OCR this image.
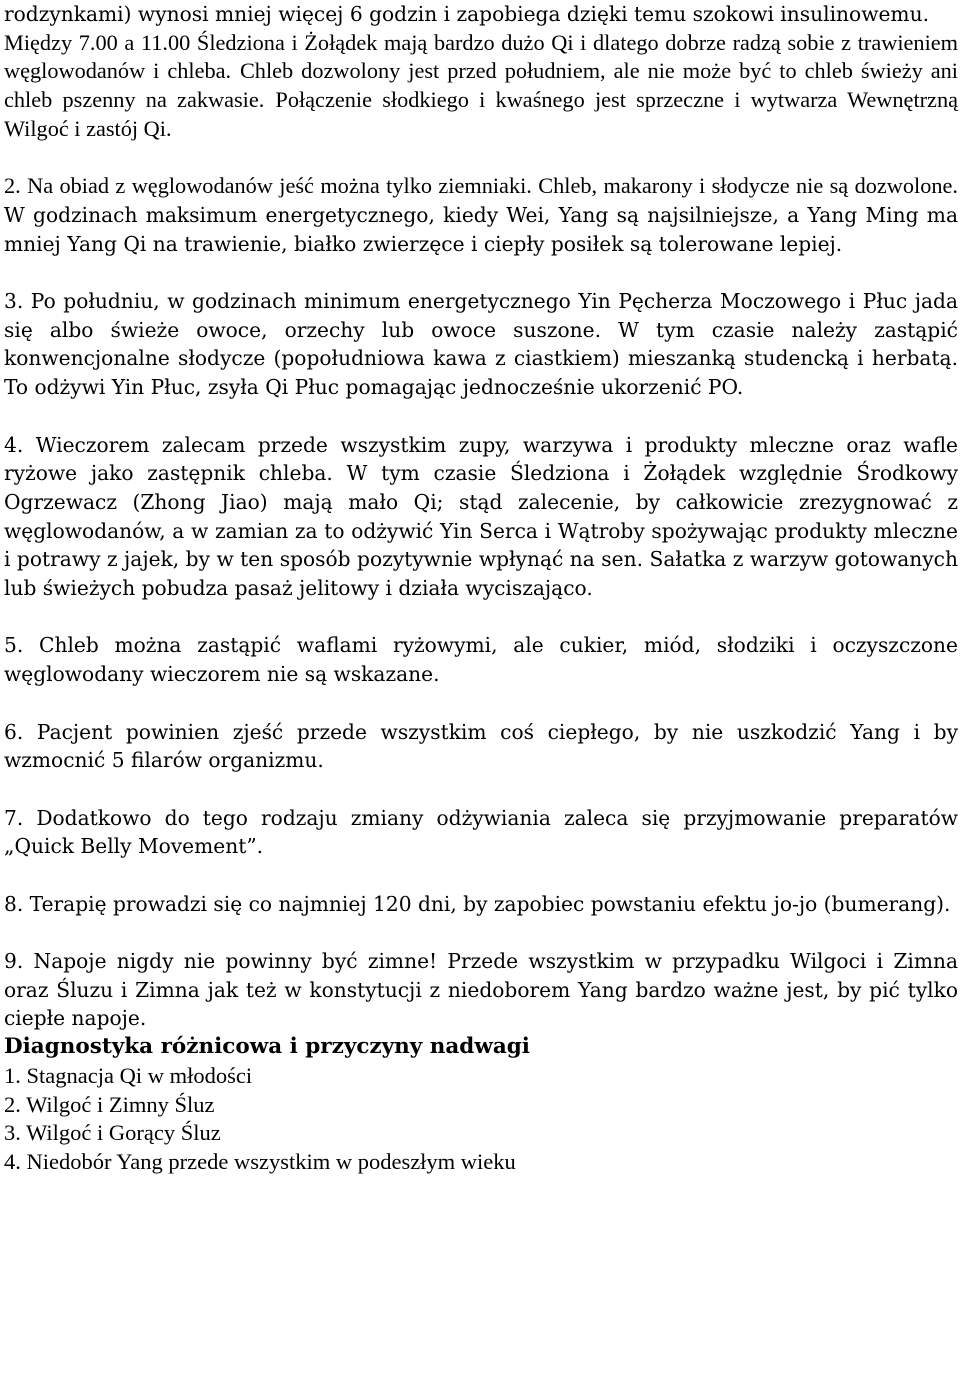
rodzynkami) wynosi mniej więcej 6 godzin i zapobiega dzięki temu szokowi insulinowemu.

Między 7.00 a 11.00 Śledziona i Żołądek mają bardzo dużo Qi i dlatego dobrze radzą sobie z trawieniem węglowodanów i chleba. Chleb dozwolony jest przed południem, ale nie może być to chleb świeży ani chleb pszenny na zakwasie. Połączenie słodkiego i kwaśnego jest sprzeczne i wytwarza Wewnętrzną Wilgoć i zastój Qi.

2. Na obiad z węglowodanów jeść można tylko ziemniaki. Chleb, makarony i słodycze nie są dozwolone. W godzinach maksimum energetycznego, kiedy Wei, Yang są najsilniejsze, a Yang Ming ma mniej Yang Qi na trawienie, białko zwierzęce i ciepły posiłek są tolerowane lepiej.

3. Po południu, w godzinach minimum energetycznego Yin Pęcherza Moczowego i Płuc jada się albo świeże owoce, orzechy lub owoce suszone. W tym czasie należy zastąpić konwencjonalne słodycze (popołudniowa kawa z ciastkiem) mieszanką studencką i herbatą. To odżywi Yin Płuc, zsyła Qi Płuc pomagając jednocześnie ukorzenić PO.

4. Wieczorem zalecam przede wszystkim zupy, warzywa i produkty mleczne oraz wafle ryżowe jako zastępnik chleba. W tym czasie Śledziona i Żołądek względnie Środkowy Ogrzewacz (Zhong Jiao) mają mało Qi; stąd zalecenie, by całkowicie zrezygnować z węglowodanów, a w zamian za to odżywić Yin Serca i Wątroby spożywając produkty mleczne i potrawy z jajek, by w ten sposób pozytywnie wpłynąć na sen. Sałatka z warzyw gotowanych lub świeżych pobudza pasaż jelitowy i działa wyciszająco.

5. Chleb można zastąpić waflami ryżowymi, ale cukier, miód, słodziki i oczyszczone węglowodany wieczorem nie są wskazane.

6. Pacjent powinien zjeść przede wszystkim coś ciepłego, by nie uszkodzić Yang i by wzmocnić 5 filarów organizmu.

7. Dodatkowo do tego rodzaju zmiany odżywiania zaleca się przyjmowanie preparatów „Quick Belly Movement”.

8. Terapię prowadzi się co najmniej 120 dni, by zapobiec powstaniu efektu jo-jo (bumerang).

9. Napoje nigdy nie powinny być zimne! Przede wszystkim w przypadku Wilgoci i Zimna oraz Śluzu i Zimna jak też w konstytucji z niedoborem Yang bardzo ważne jest, by pić tylko ciepłe napoje.

Diagnostyka różnicowa i przyczyny nadwagi
1. Stagnacja Qi w młodości
2. Wilgoć i Zimny Śluz
3. Wilgoć i Gorący Śluz
4. Niedobór Yang przede wszystkim w podeszłym wieku
